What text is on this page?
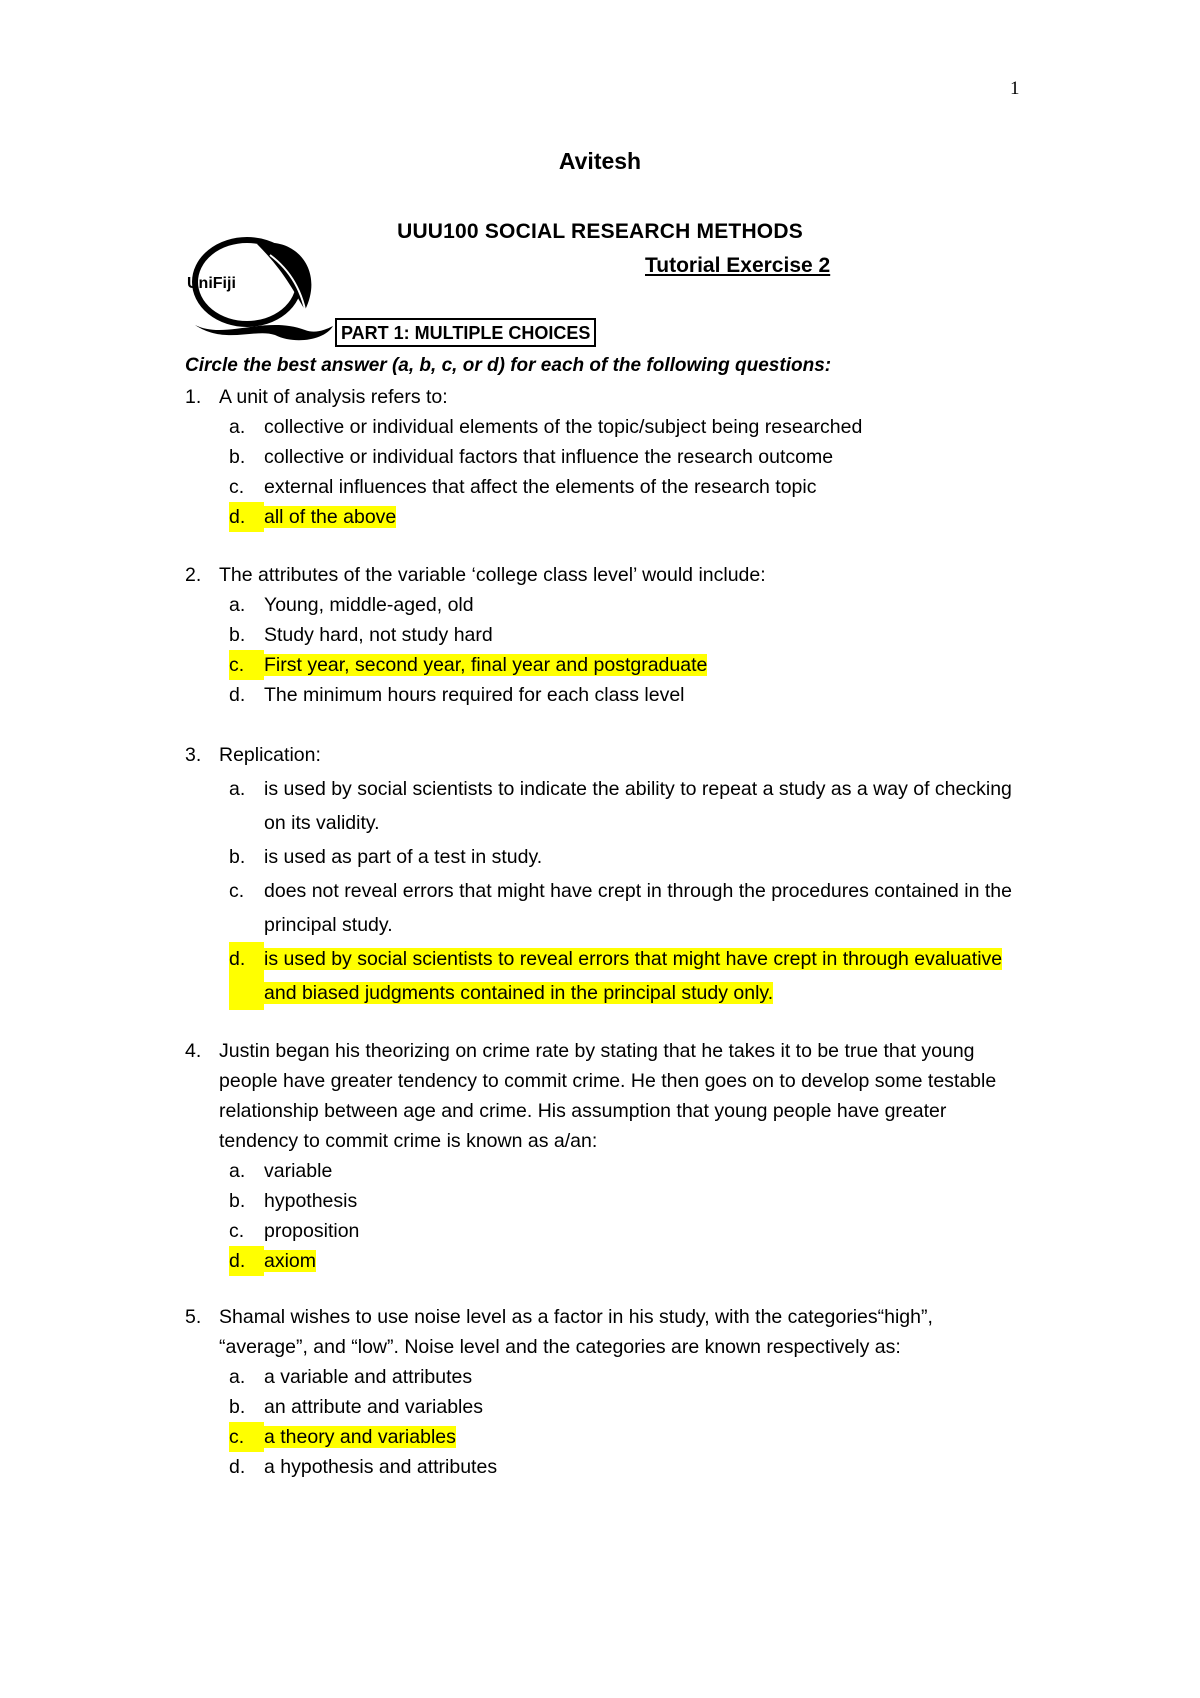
1
Avitesh
UUU100 SOCIAL RESEARCH METHODS
Tutorial Exercise 2
UniFiji
PART 1: MULTIPLE CHOICES
Circle the best answer (a, b, c, or d) for each of the following questions:
1. A unit of analysis refers to:
a. collective or individual elements of the topic/subject being researched
b. collective or individual factors that influence the research outcome
c.	external influences that affect the elements of the research topic
d. all of the above
2. The attributes of the variable ‘college class level’ would include:
a. Young, middle-aged, old
b. Study hard, not study hard
c.	First year, second year, final year and postgraduate
d. The minimum hours required for each class level
3. Replication:
a. is used by social scientists to indicate the ability to repeat a study as a way of checking on its validity.
b. is used as part of a test in study.
c.	does not reveal errors that might have crept in through the procedures contained in the principal study.
d. is used by social scientists to reveal errors that might have crept in through evaluative and biased judgments contained in the principal study only.
4. Justin began his theorizing on crime rate by stating that he takes it to be true that young people have greater tendency to commit crime. He then goes on to develop some testable relationship between age and crime. His assumption that young people have greater tendency to commit crime is known as a/an:
a. variable
b. hypothesis
c.	proposition
d. axiom
5. Shamal wishes to use noise level as a factor in his study, with the categories“high”, “average”, and “low”. Noise level and the categories are known respectively as:
a. a variable and attributes
b. an attribute and variables
c.	a theory and variables
d. a hypothesis and attributes
